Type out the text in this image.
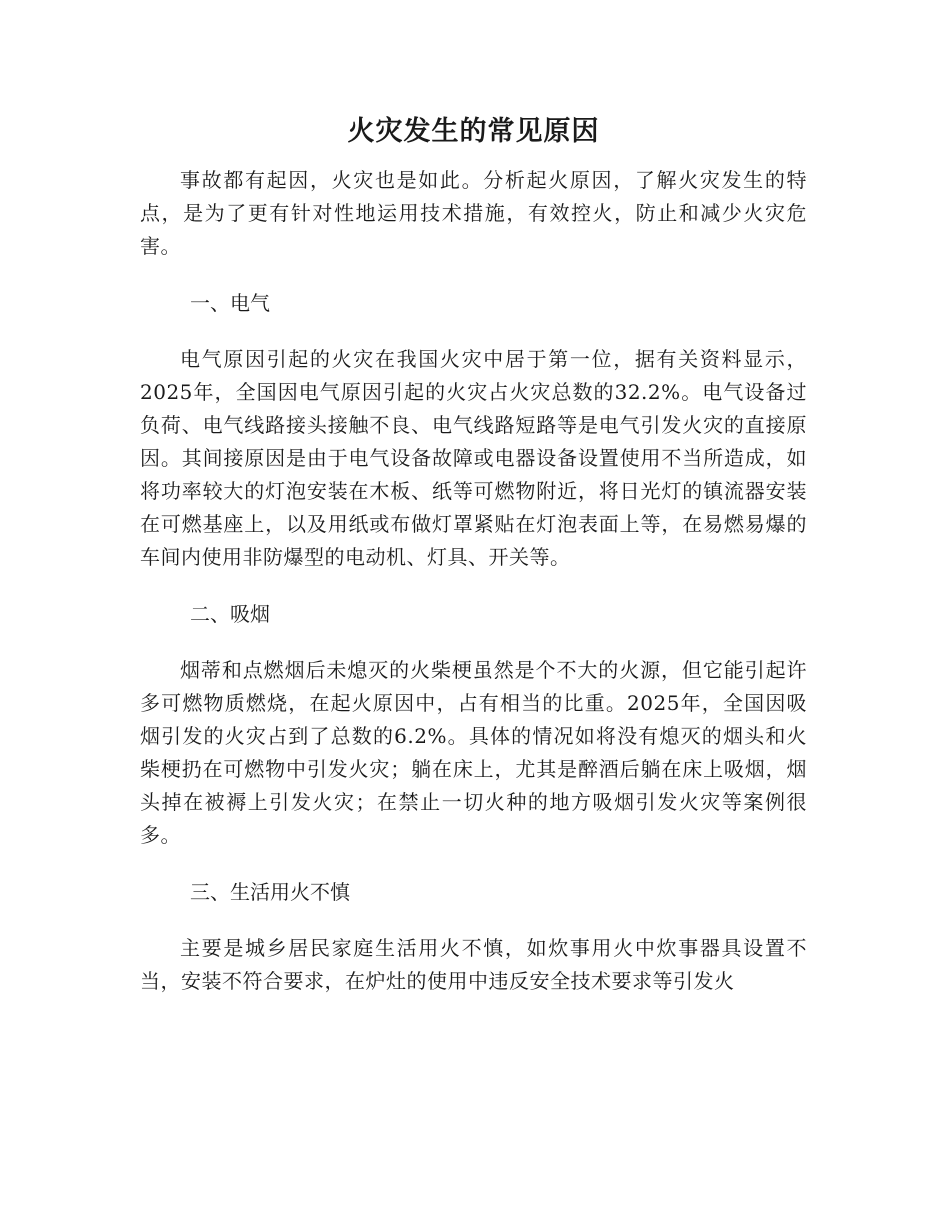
火灾发生的常见原因

事故都有起因，火灾也是如此。分析起火原因，了解火灾发生的特点，是为了更有针对性地运用技术措施，有效控火，防止和减少火灾危害。

一、电气

电气原因引起的火灾在我国火灾中居于第一位，据有关资料显示，2025年，全国因电气原因引起的火灾占火灾总数的32.2%。电气设备过负荷、电气线路接头接触不良、电气线路短路等是电气引发火灾的直接原因。其间接原因是由于电气设备故障或电器设备设置使用不当所造成，如将功率较大的灯泡安装在木板、纸等可燃物附近，将日光灯的镇流器安装在可燃基座上，以及用纸或布做灯罩紧贴在灯泡表面上等，在易燃易爆的车间内使用非防爆型的电动机、灯具、开关等。

二、吸烟

烟蒂和点燃烟后未熄灭的火柴梗虽然是个不大的火源，但它能引起许多可燃物质燃烧，在起火原因中，占有相当的比重。2025年，全国因吸烟引发的火灾占到了总数的6.2%。具体的情况如将没有熄灭的烟头和火柴梗扔在可燃物中引发火灾；躺在床上，尤其是醉酒后躺在床上吸烟，烟头掉在被褥上引发火灾；在禁止一切火种的地方吸烟引发火灾等案例很多。

三、生活用火不慎

主要是城乡居民家庭生活用火不慎，如炊事用火中炊事器具设置不当，安装不符合要求，在炉灶的使用中违反安全技术要求等引发火
